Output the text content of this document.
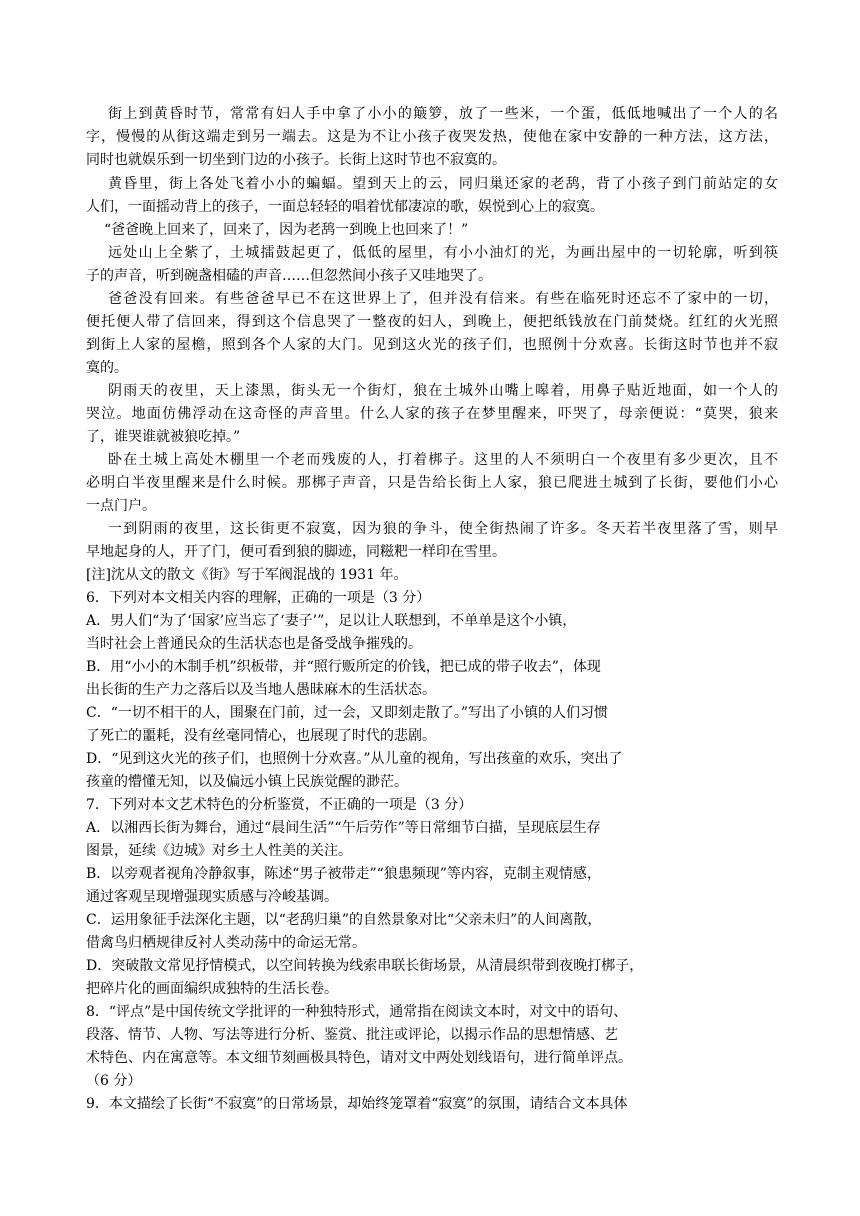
街上到黄昏时节，常常有妇人手中拿了小小的簸箩，放了一些米，一个蛋，低低地喊出了一个人的名
字，慢慢的从街这端走到另一端去。这是为不让小孩子夜哭发热，使他在家中安静的一种方法，这方法，
同时也就娱乐到一切坐到门边的小孩子。长街上这时节也不寂寞的。
黄昏里，街上各处飞着小小的蝙蝠。望到天上的云，同归巢还家的老鸹，背了小孩子到门前站定的女
人们，一面摇动背上的孩子，一面总轻轻的唱着忧郁凄凉的歌，娱悦到心上的寂寞。
“爸爸晚上回来了，回来了，因为老鸹一到晚上也回来了！”
远处山上全紫了，土城擂鼓起更了，低低的屋里，有小小油灯的光，为画出屋中的一切轮廓，听到筷
子的声音，听到碗盏相磕的声音……但忽然间小孩子又哇地哭了。
爸爸没有回来。有些爸爸早已不在这世界上了，但并没有信来。有些在临死时还忘不了家中的一切，
便托便人带了信回来，得到这个信息哭了一整夜的妇人，到晚上，便把纸钱放在门前焚烧。红红的火光照
到街上人家的屋檐，照到各个人家的大门。见到这火光的孩子们，也照例十分欢喜。长街这时节也并不寂
寞的。
阴雨天的夜里，天上漆黑，街头无一个街灯，狼在土城外山嘴上嗥着，用鼻子贴近地面，如一个人的
哭泣。地面仿佛浮动在这奇怪的声音里。什么人家的孩子在梦里醒来，吓哭了，母亲便说：“莫哭，狼来
了，谁哭谁就被狼吃掉。”
卧在土城上高处木棚里一个老而残废的人，打着梆子。这里的人不须明白一个夜里有多少更次，且不
必明白半夜里醒来是什么时候。那梆子声音，只是告给长街上人家，狼已爬进土城到了长街，要他们小心
一点门户。
一到阴雨的夜里，这长街更不寂寞，因为狼的争斗，使全街热闹了许多。冬天若半夜里落了雪，则早
早地起身的人，开了门，便可看到狼的脚迹，同糍粑一样印在雪里。
[注]沈从文的散文《街》写于军阀混战的 1931 年。
6．下列对本文相关内容的理解，正确的一项是（3 分）
A．男人们“为了‘国家’应当忘了‘妻子’”，足以让人联想到，不单单是这个小镇，
当时社会上普通民众的生活状态也是备受战争摧残的。
B．用“小小的木制手机”织板带，并“照行贩所定的价钱，把已成的带子收去”，体现
出长街的生产力之落后以及当地人愚昧麻木的生活状态。
C．“一切不相干的人，围聚在门前，过一会，又即刻走散了。”写出了小镇的人们习惯
了死亡的噩耗，没有丝毫同情心，也展现了时代的悲剧。
D．“见到这火光的孩子们，也照例十分欢喜。”从儿童的视角，写出孩童的欢乐，突出了
孩童的懵懂无知，以及偏远小镇上民族觉醒的渺茫。
7．下列对本文艺术特色的分析鉴赏，不正确的一项是（3 分）
A．以湘西长街为舞台，通过“晨间生活”“午后劳作”等日常细节白描，呈现底层生存
图景，延续《边城》对乡土人性美的关注。
B．以旁观者视角冷静叙事，陈述“男子被带走”“狼患频现”等内容，克制主观情感，
通过客观呈现增强现实质感与冷峻基调。
C．运用象征手法深化主题，以“老鸹归巢”的自然景象对比“父亲未归”的人间离散，
借禽鸟归栖规律反衬人类动荡中的命运无常。
D．突破散文常见抒情模式，以空间转换为线索串联长街场景，从清晨织带到夜晚打梆子，
把碎片化的画面编织成独特的生活长卷。
8．“评点”是中国传统文学批评的一种独特形式，通常指在阅读文本时，对文中的语句、
段落、情节、人物、写法等进行分析、鉴赏、批注或评论，以揭示作品的思想情感、艺
术特色、内在寓意等。本文细节刻画极具特色，请对文中两处划线语句，进行简单评点。
（6 分）
9．本文描绘了长街“不寂寞”的日常场景，却始终笼罩着“寂寞”的氛围，请结合文本具体
